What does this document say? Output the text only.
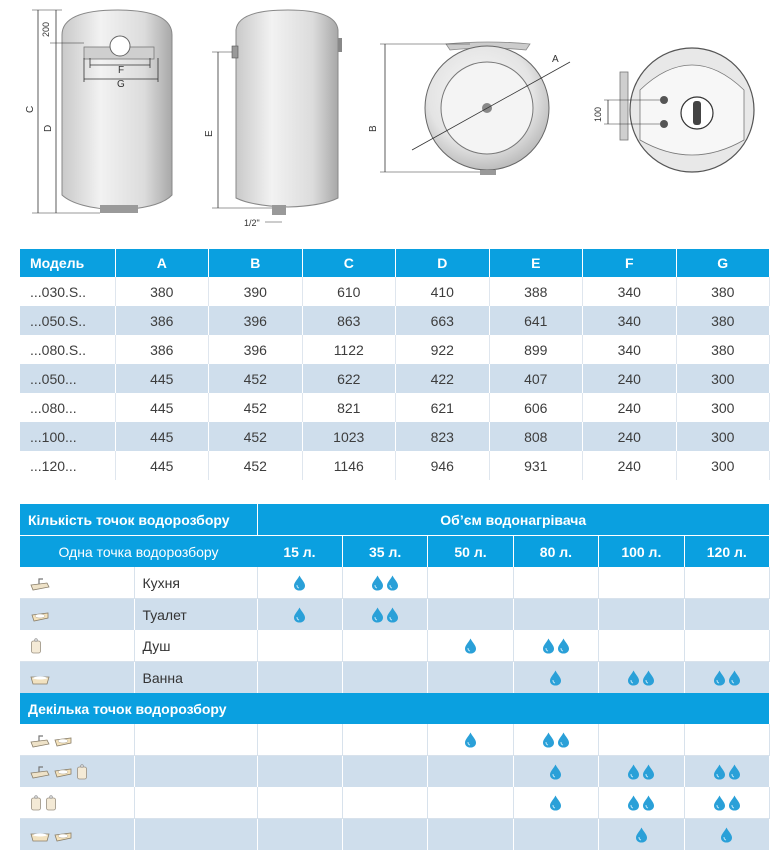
200
C
D
F
G
E
1/2"
A
B
100
Модель	A	B	C	D	E	F	G
...030.S..	380	390	610	410	388	340	380
...050.S..	386	396	863	663	641	340	380
...080.S..	386	396	1122	922	899	340	380
...050...	445	452	622	422	407	240	300
...080...	445	452	821	621	606	240	300
...100...	445	452	1023	823	808	240	300
...120...	445	452	1146	946	931	240	300
Кількість точок водорозбору		Об’єм водонагрівача					
Одна точка водорозбору		15 л.	35 л.	50 л.	80 л.	100 л.	120 л.
	Кухня						
	Туалет						
	Душ						
	Ванна						
Декілька точок водорозбору							
